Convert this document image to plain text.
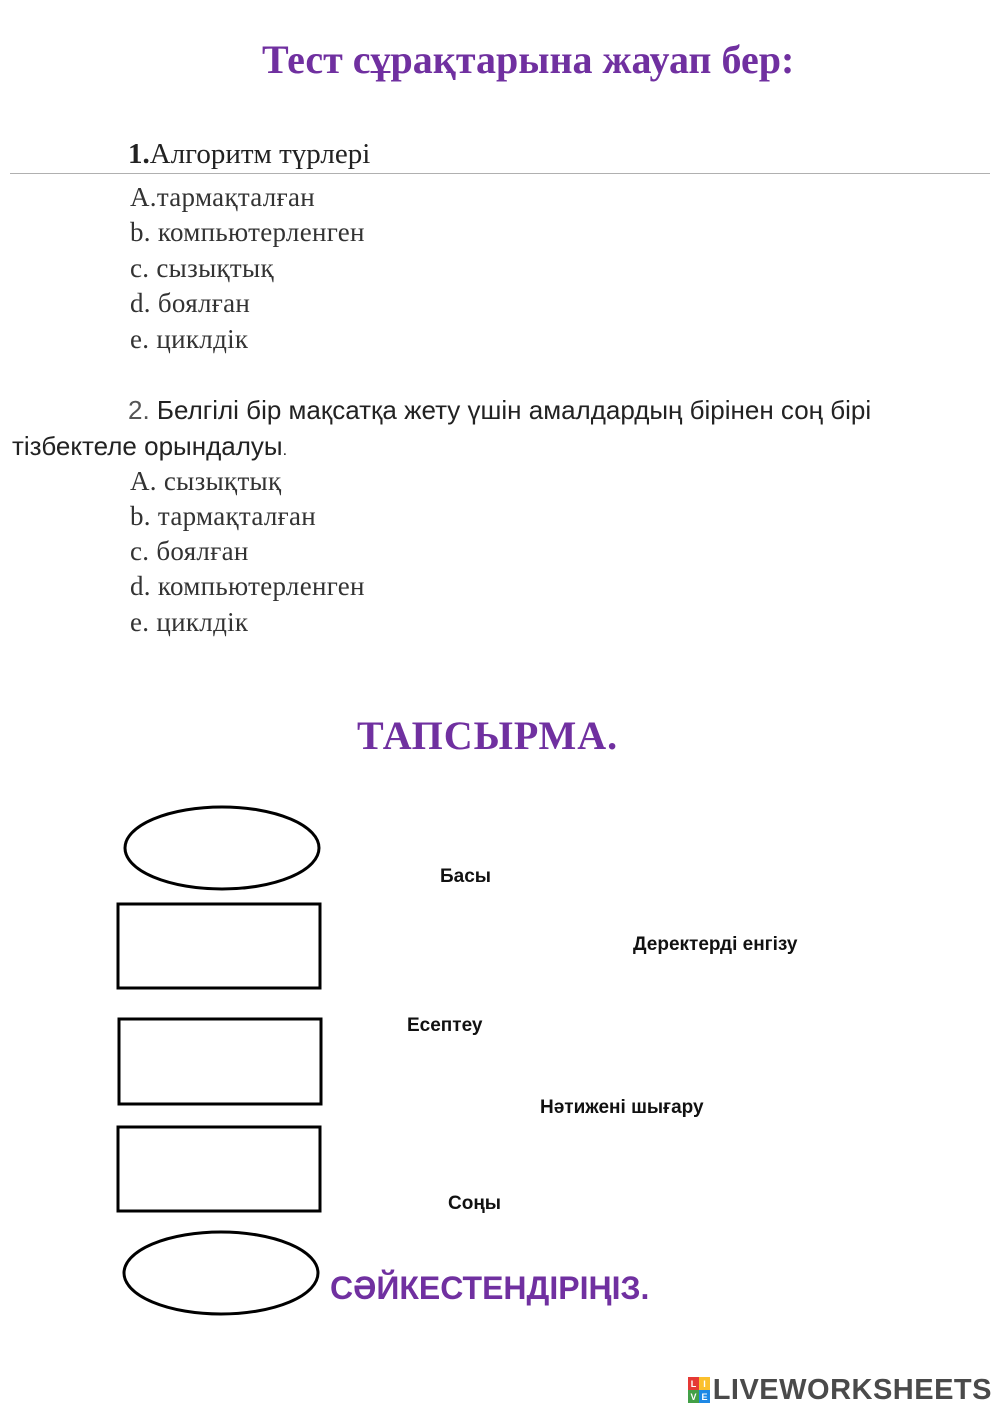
Тест сұрақтарына жауап бер:
1.Алгоритм түрлері
А.тармақталған
b. компьютерленген
с. сызықтық
d. боялған
е. циклдік
2. Белгілі бір мақсатқа жету үшін амалдардың бірінен соң бірі тізбектеле орындалуы.
А. сызықтық
b. тармақталған
с. боялған
d. компьютерленген
е. циклдік
ТАПСЫРМА.
Басы
Деректерді енгізу
Есептеу
Нәтижені шығару
Соңы
СӘЙКЕСТЕНДІРІҢІЗ.
L I
V E LIVEWORKSHEETS
